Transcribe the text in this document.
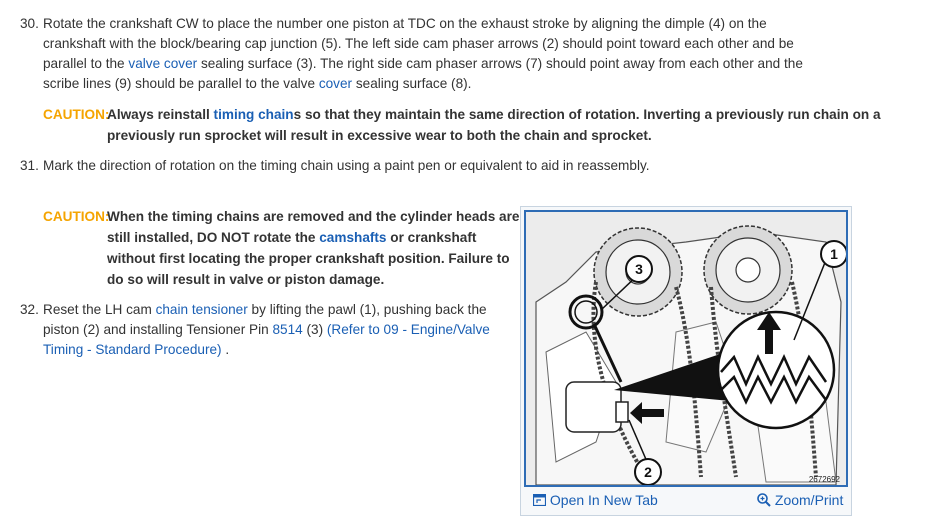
30. Rotate the crankshaft CW to place the number one piston at TDC on the exhaust stroke by aligning the dimple (4) on the
crankshaft with the block/bearing cap junction (5). The left side cam phaser arrows (2) should point toward each other and be
parallel to the valve cover sealing surface (3). The right side cam phaser arrows (7) should point away from each other and the
scribe lines (9) should be parallel to the valve cover sealing surface (8).
CAUTION:
Always reinstall timing chains so that they maintain the same direction of rotation. Inverting a previously run chain on a
previously run sprocket will result in excessive wear to both the chain and sprocket.
31. Mark the direction of rotation on the timing chain using a paint pen or equivalent to aid in reassembly.
CAUTION:
When the timing chains are removed and the cylinder heads are
still installed, DO NOT rotate the camshafts or crankshaft
without first locating the proper crankshaft position. Failure to
do so will result in valve or piston damage.
32. Reset the LH cam chain tensioner by lifting the pawl (1), pushing back the
piston (2) and installing Tensioner Pin 8514 (3) (Refer to 09 - Engine/Valve
Timing - Standard Procedure) .
3
1
2	2672692
Open In New Tab	Zoom/Print
